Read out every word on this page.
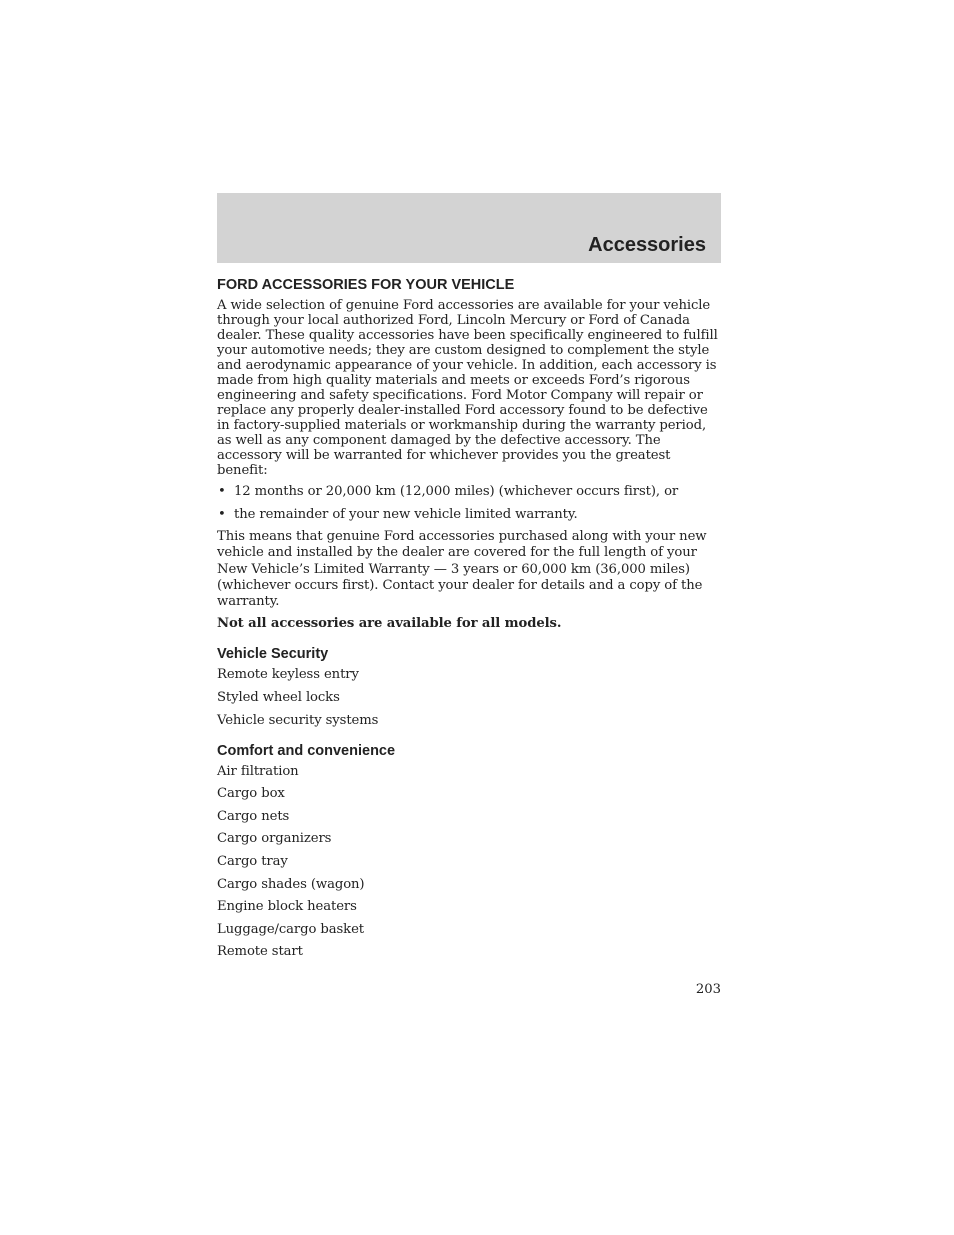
Accessories
FORD ACCESSORIES FOR YOUR VEHICLE

A wide selection of genuine Ford accessories are available for your vehicle through your local authorized Ford, Lincoln Mercury or Ford of Canada dealer. These quality accessories have been specifically engineered to fulfill your automotive needs; they are custom designed to complement the style and aerodynamic appearance of your vehicle. In addition, each accessory is made from high quality materials and meets or exceeds Ford’s rigorous engineering and safety specifications. Ford Motor Company will repair or replace any properly dealer-installed Ford accessory found to be defective in factory-supplied materials or workmanship during the warranty period, as well as any component damaged by the defective accessory. The accessory will be warranted for whichever provides you the greatest benefit:

• 12 months or 20,000 km (12,000 miles) (whichever occurs first), or
• the remainder of your new vehicle limited warranty.

This means that genuine Ford accessories purchased along with your new vehicle and installed by the dealer are covered for the full length of your New Vehicle’s Limited Warranty — 3 years or 60,000 km (36,000 miles) (whichever occurs first). Contact your dealer for details and a copy of the warranty.

Not all accessories are available for all models.

Vehicle Security
Remote keyless entry
Styled wheel locks
Vehicle security systems
Comfort and convenience
Air filtration
Cargo box
Cargo nets
Cargo organizers
Cargo tray
Cargo shades (wagon)
Engine block heaters
Luggage/cargo basket
Remote start
203
